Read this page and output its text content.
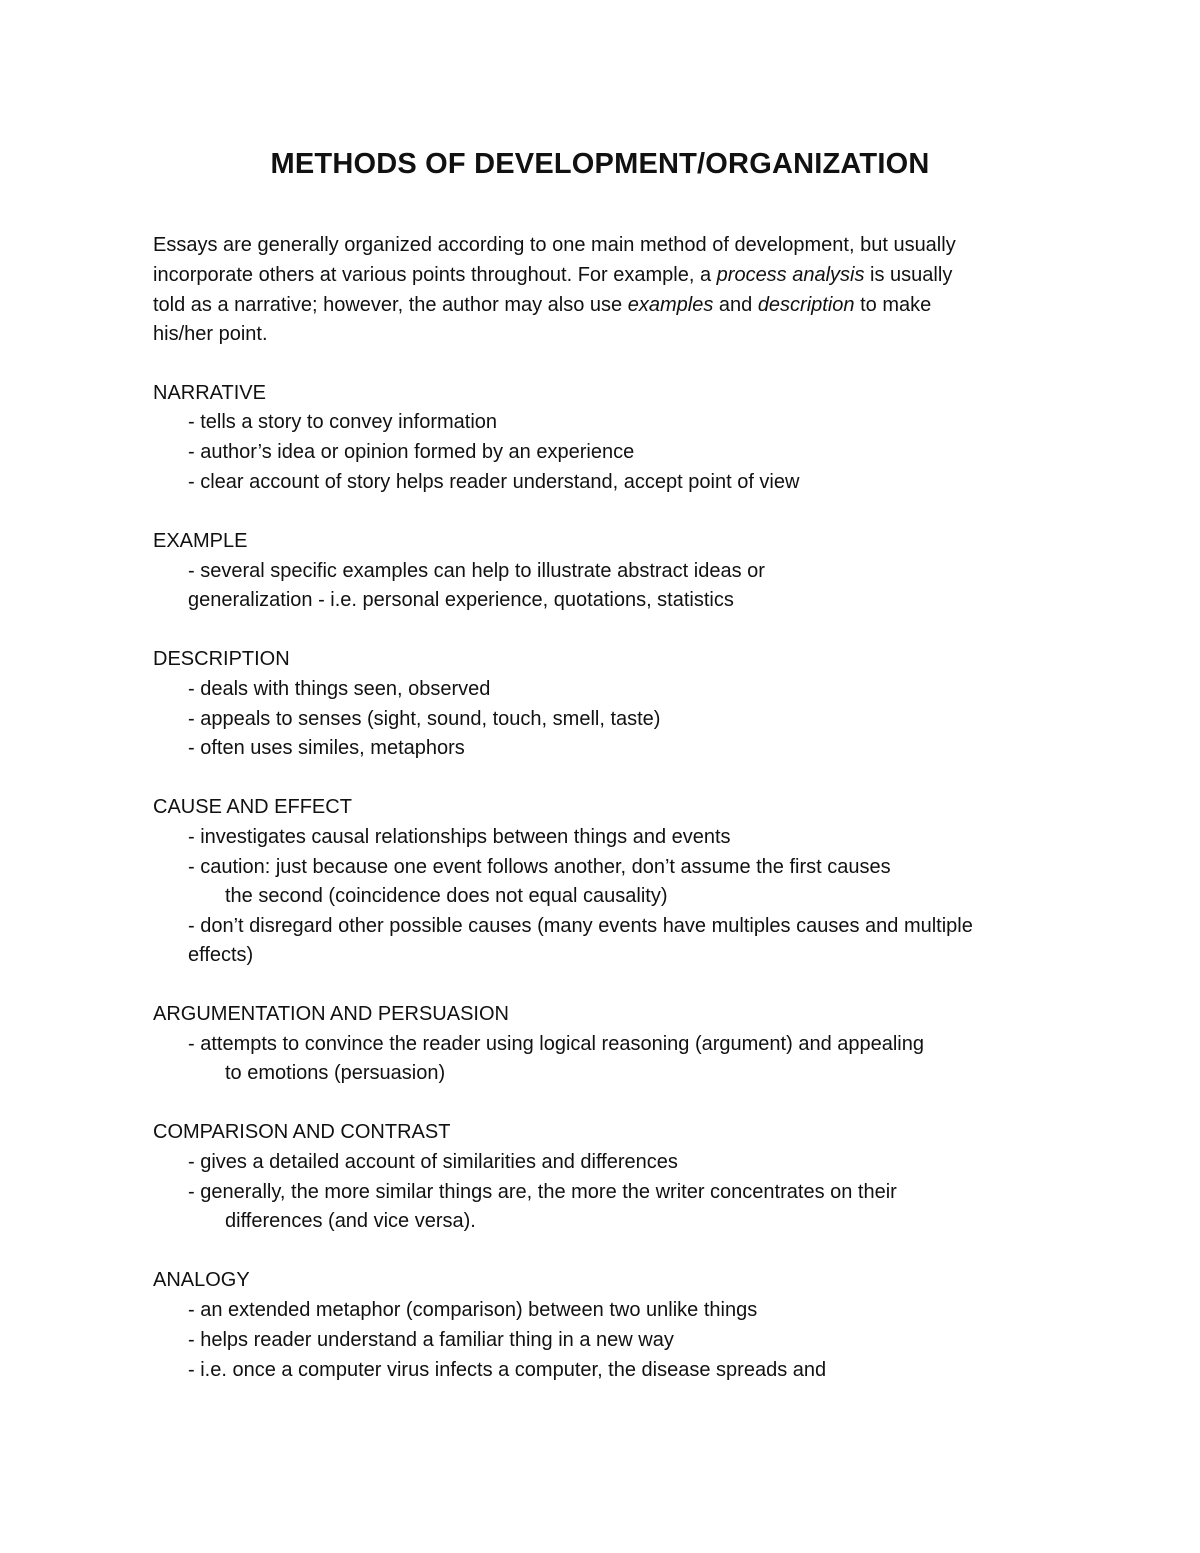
METHODS OF DEVELOPMENT/ORGANIZATION
Essays are generally organized according to one main method of development, but usually
incorporate others at various points throughout. For example, a process analysis is usually
told as a narrative; however, the author may also use examples and description to make
his/her point.
NARRATIVE
- tells a story to convey information
- author’s idea or opinion formed by an experience
- clear account of story helps reader understand, accept point of view
EXAMPLE
- several specific examples can help to illustrate abstract ideas or
generalization - i.e. personal experience, quotations, statistics
DESCRIPTION
- deals with things seen, observed
- appeals to senses (sight, sound, touch, smell, taste)
- often uses similes, metaphors
CAUSE AND EFFECT
- investigates causal relationships between things and events
- caution: just because one event follows another, don’t assume the first causes
the second (coincidence does not equal causality)
- don’t disregard other possible causes (many events have multiples causes and multiple
effects)
ARGUMENTATION AND PERSUASION
- attempts to convince the reader using logical reasoning (argument) and appealing
to emotions (persuasion)
COMPARISON AND CONTRAST
- gives a detailed account of similarities and differences
- generally, the more similar things are, the more the writer concentrates on their
differences (and vice versa).
ANALOGY
- an extended metaphor (comparison) between two unlike things
- helps reader understand a familiar thing in a new way
- i.e. once a computer virus infects a computer, the disease spreads and
